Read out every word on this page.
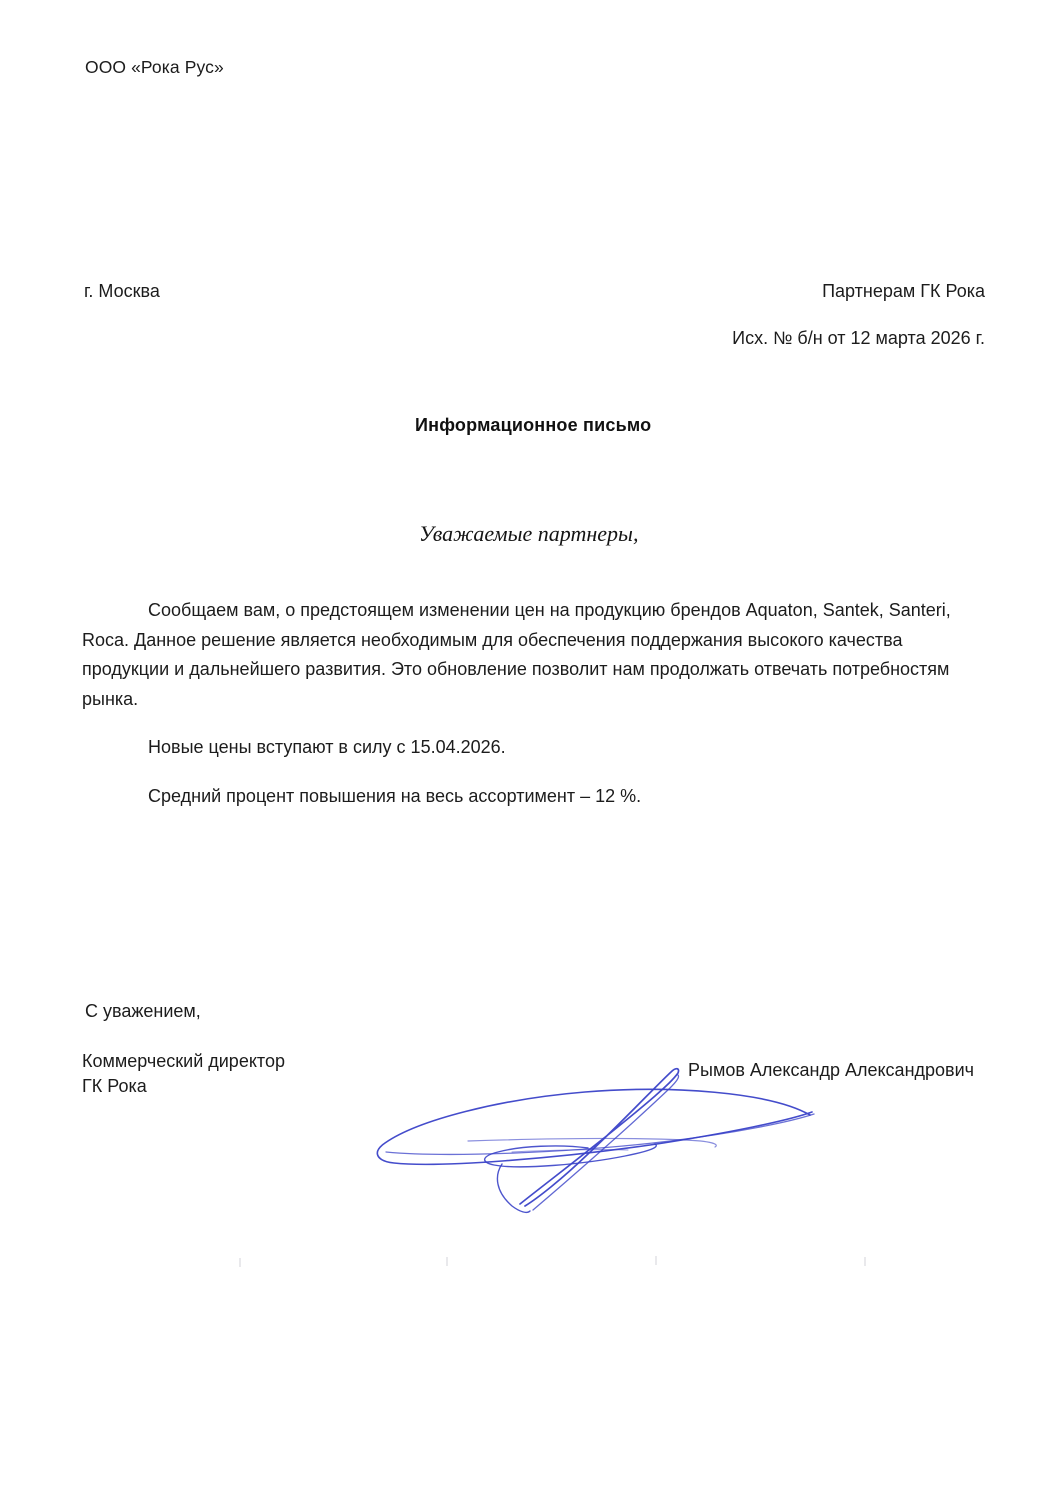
ООО «Рока Рус»
г. Москва	Партнерам ГК Рока
Исх. № б/н от 12 марта 2026 г.
Информационное письмо
Уважаемые партнеры,

Сообщаем вам, о предстоящем изменении цен на продукцию брендов Aquaton, Santek, Santeri, Roca. Данное решение является необходимым для обеспечения поддержания высокого качества продукции и дальнейшего развития. Это обновление позволит нам продолжать отвечать потребностям рынка.

Новые цены вступают в силу с 15.04.2026.

Средний процент повышения на весь ассортимент – 12 %.

С уважением,
Коммерческий директор
ГК Рока
Рымов Александр Александрович
